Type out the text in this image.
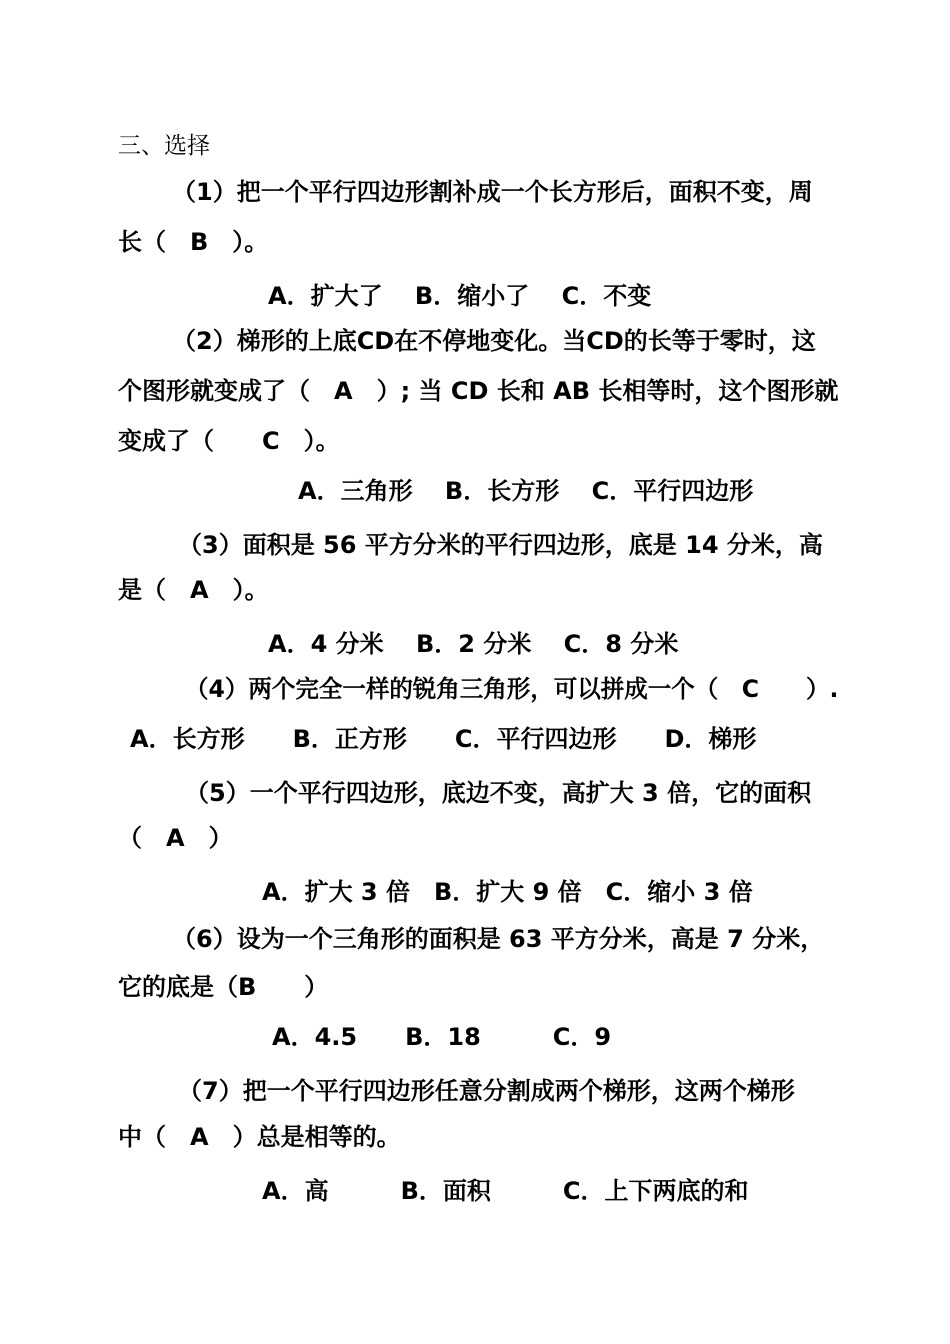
三、选择
（1）把一个平行四边形割补成一个长方形后，面积不变，周
长（　B　）。
A．扩大了　 B．缩小了　 C．不变
（2）梯形的上底CD在不停地变化。当CD的长等于零时，这
个图形就变成了（　A　）; 当 CD 长和 AB 长相等时，这个图形就
变成了（　　C　）。
A．三角形　 B．长方形　 C．平行四边形
（3）面积是 56 平方分米的平行四边形，底是 14 分米，高
是（　A　）。
A．4 分米　 B．2 分米　 C．8 分米
（4）两个完全一样的锐角三角形，可以拼成一个（　C　　）.
A．长方形　　B．正方形　　C．平行四边形　　D．梯形
（5）一个平行四边形，底边不变，高扩大 3 倍，它的面积
（　A　）
A．扩大 3 倍　B．扩大 9 倍　C．缩小 3 倍
（6）设为一个三角形的面积是 63 平方分米，高是 7 分米，
它的底是（B　　）
A．4.5　　B．18　　　C．9
（7）把一个平行四边形任意分割成两个梯形，这两个梯形
中（　A　）总是相等的。
A．高　　　B．面积　　　C．上下两底的和
